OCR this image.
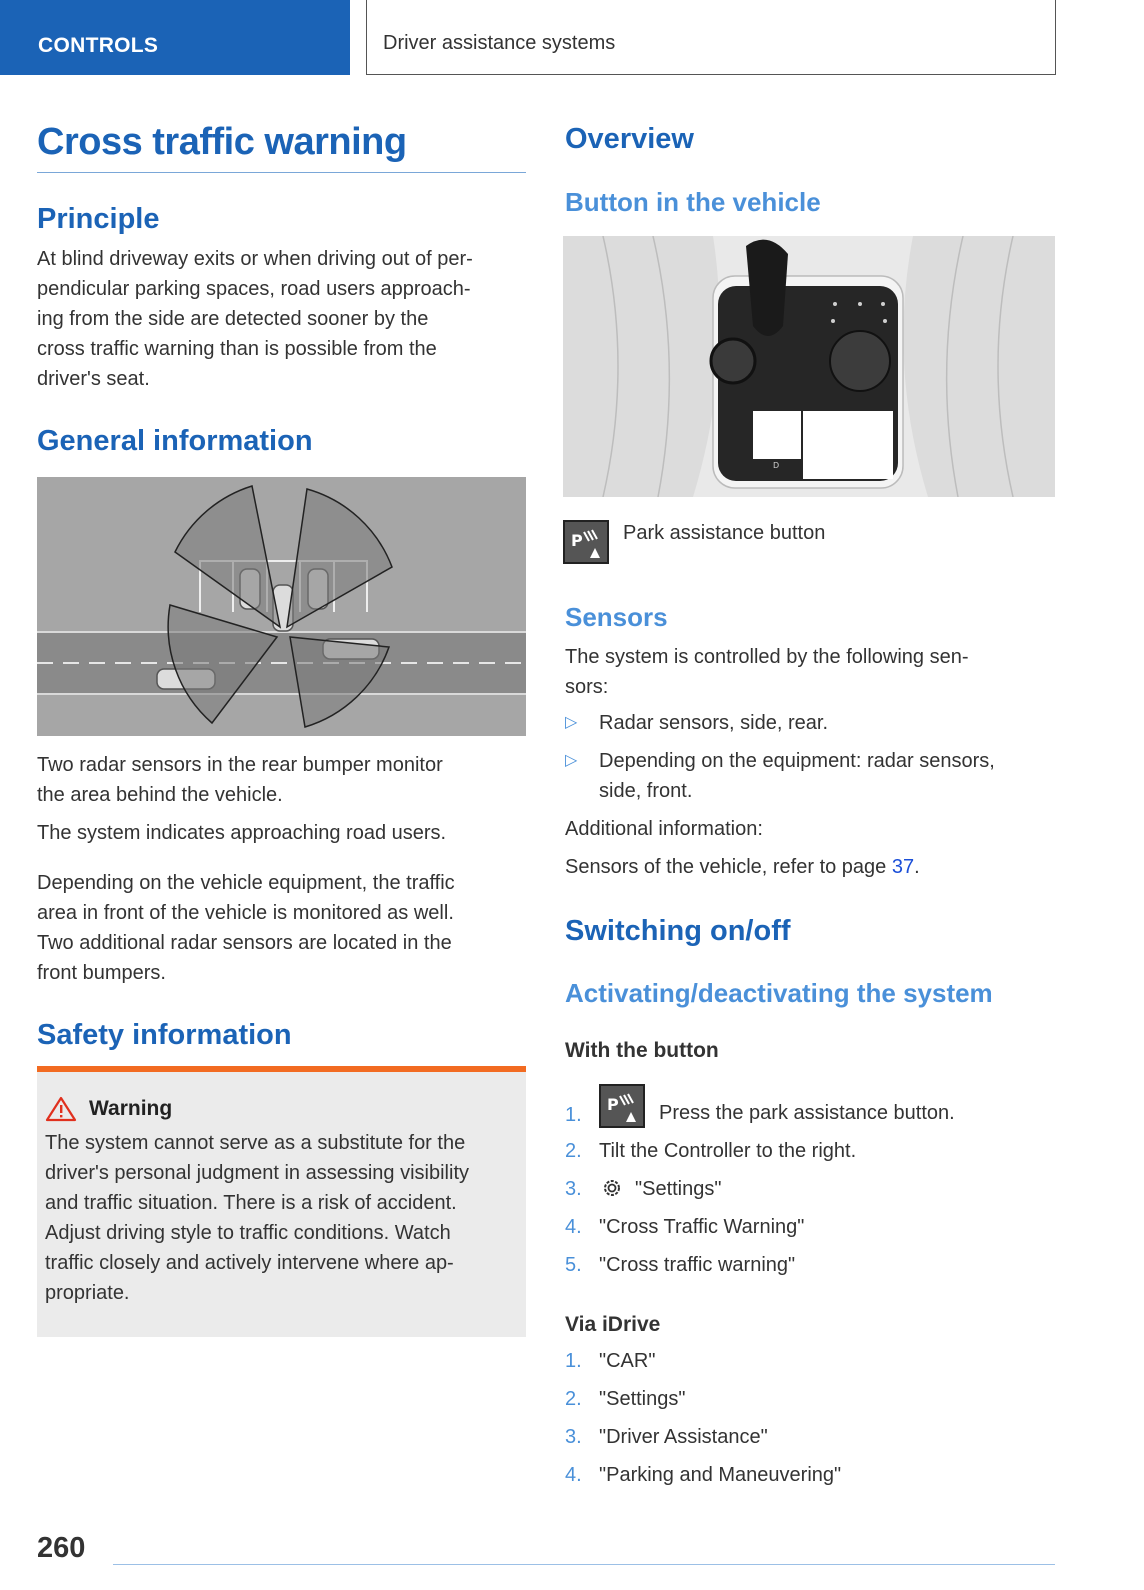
CONTROLS	Driver assistance systems
Cross traffic warning
Principle

At blind driveway exits or when driving out of per-
pendicular parking spaces, road users approach-
ing from the side are detected sooner by the
cross traffic warning than is possible from the
driver's seat.

General information

Two radar sensors in the rear bumper monitor
the area behind the vehicle.

The system indicates approaching road users.

Depending on the vehicle equipment, the traffic
area in front of the vehicle is monitored as well.
Two additional radar sensors are located in the
front bumpers.

Safety information
Warning

The system cannot serve as a substitute for the
driver's personal judgment in assessing visibility
and traffic situation. There is a risk of accident.
Adjust driving style to traffic conditions. Watch
traffic closely and actively intervene where ap-
propriate.

Overview
Button in the vehicle
D
P Park assistance button
Sensors

The system is controlled by the following sen-
sors:

▷ Radar sensors, side, rear.
▷ Depending on the equipment: radar sensors,
side, front.

Additional information:

Sensors of the vehicle, refer to page 37.

Switching on/off
Activating/deactivating the system
With the button
1. P Press the park assistance button.
2. Tilt the Controller to the right.
3.	"Settings"
4. "Cross Traffic Warning"
5. "Cross traffic warning"
Via iDrive
1. "CAR"
2. "Settings"
3. "Driver Assistance"
4. "Parking and Maneuvering"
260
